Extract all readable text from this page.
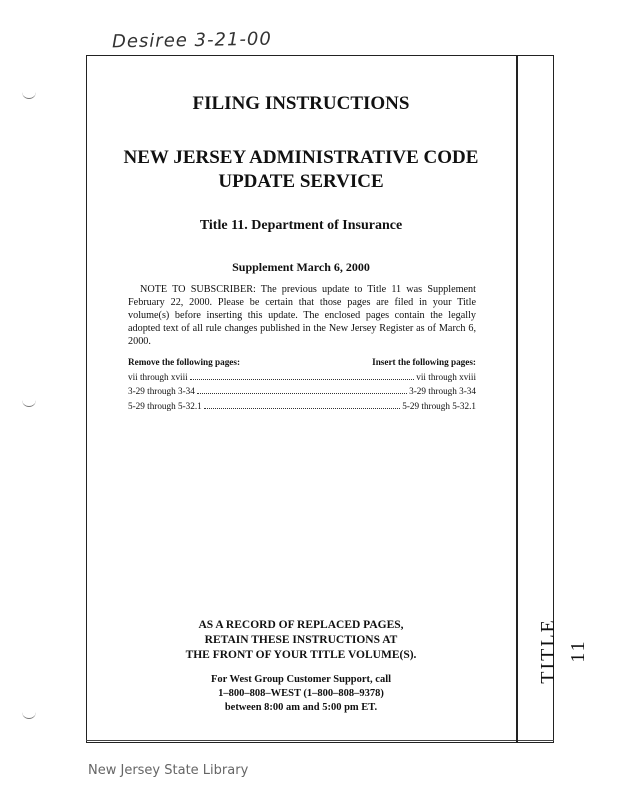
Desiree 3-21-00
TITLE 11
FILING INSTRUCTIONS
NEW JERSEY ADMINISTRATIVE CODE
UPDATE SERVICE
Title 11. Department of Insurance
Supplement March 6, 2000
NOTE TO SUBSCRIBER: The previous update to Title 11 was Supplement February 22, 2000. Please be certain that those pages are filed in your Title volume(s) before inserting this update. The enclosed pages contain the legally adopted text of all rule changes published in the New Jersey Register as of March 6, 2000.
Remove the following pages:	Insert the following pages:
vii through xviii	vii through xviii
3-29 through 3-34	3-29 through 3-34
5-29 through 5-32.1	5-29 through 5-32.1
AS A RECORD OF REPLACED PAGES,
RETAIN THESE INSTRUCTIONS AT
THE FRONT OF YOUR TITLE VOLUME(S).
For West Group Customer Support, call
1–800–808–WEST (1–800–808–9378)
between 8:00 am and 5:00 pm ET.
New Jersey State Library
